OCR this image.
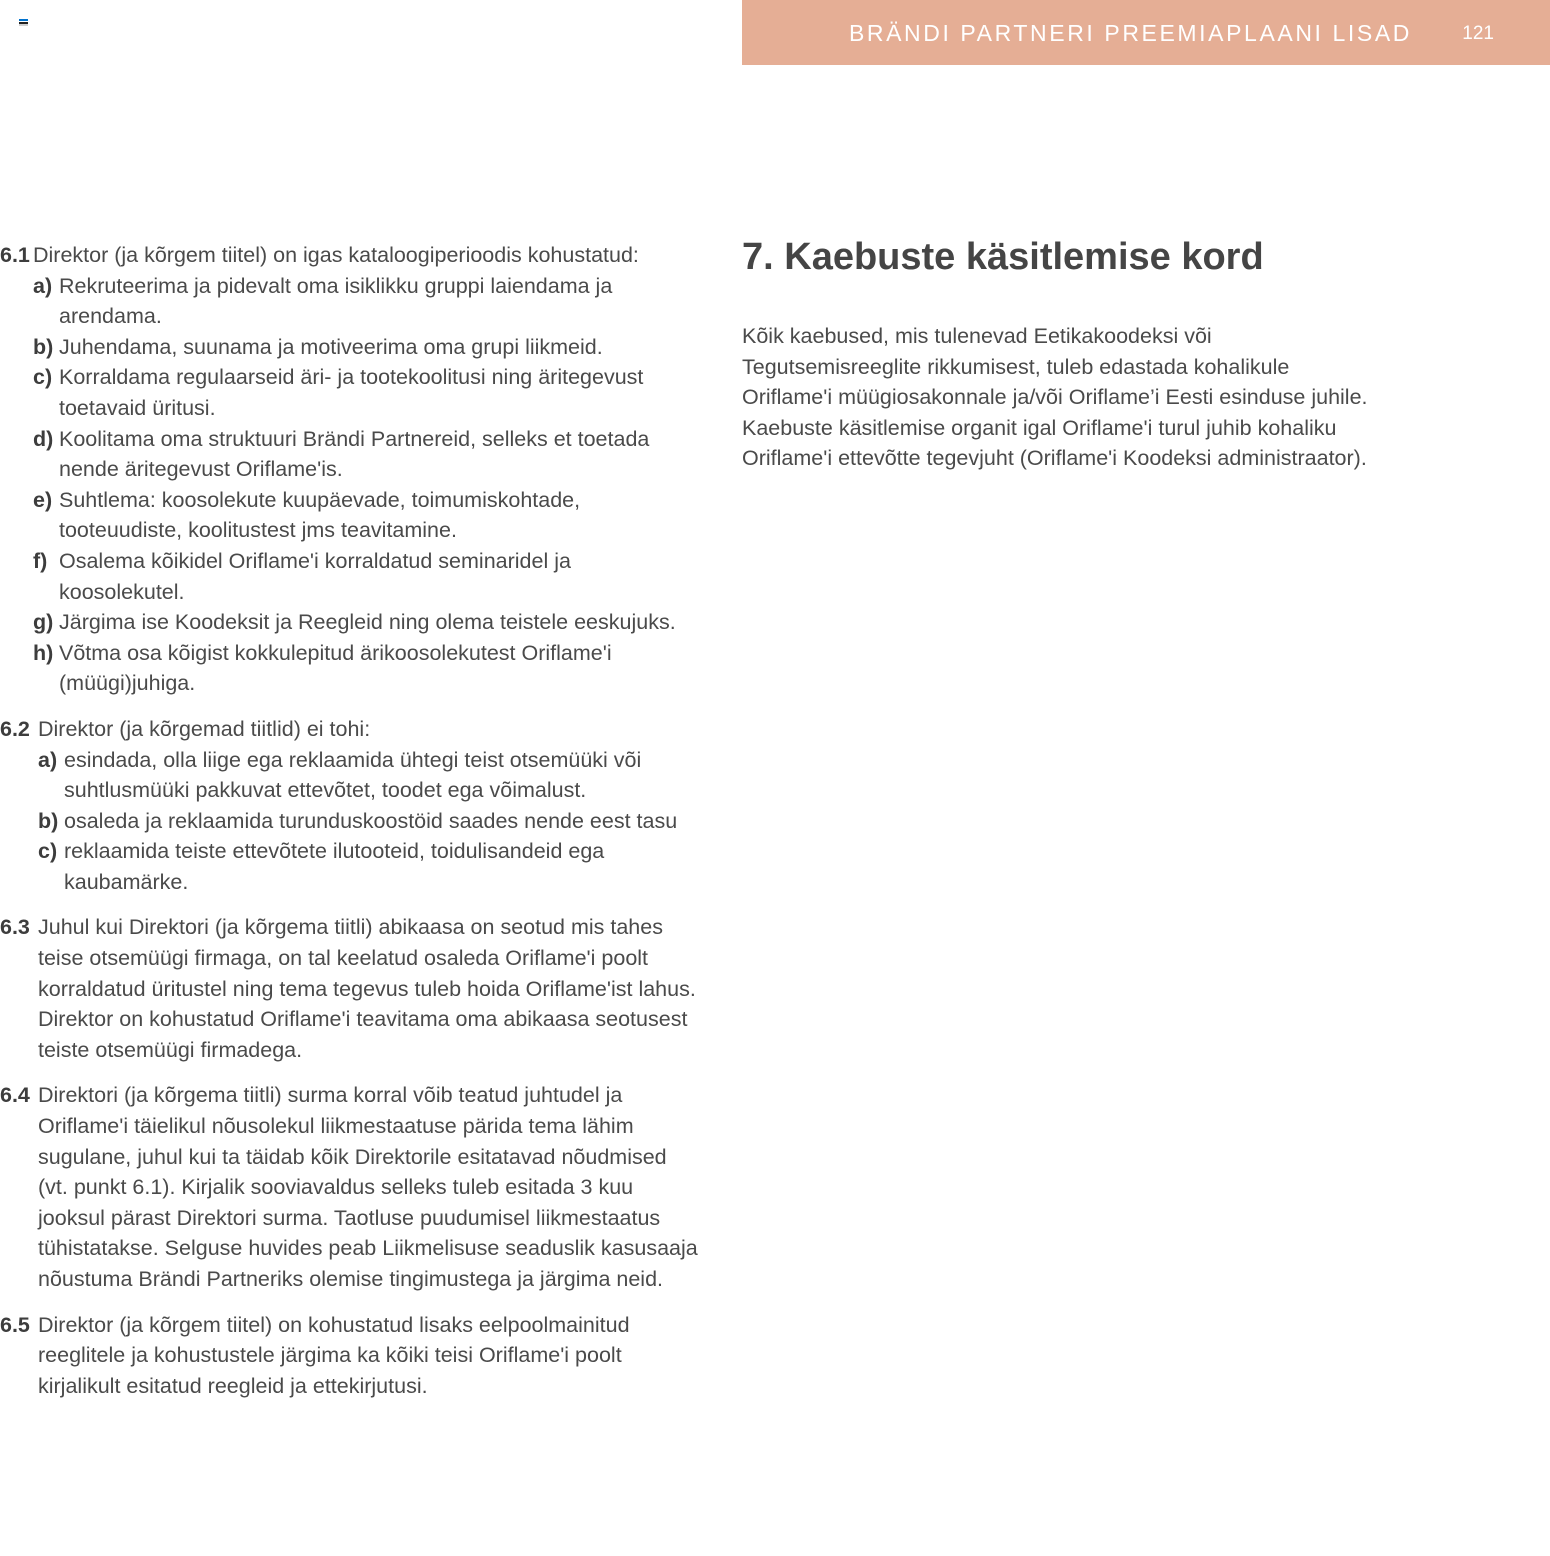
BRÄNDI PARTNERI PREEMIAPLAANI LISAD	121
6.1 Direktor (ja kõrgem tiitel) on igas kataloogiperioodis kohustatud:
a) Rekruteerima ja pidevalt oma isiklikku gruppi laiendama ja arendama.
b) Juhendama, suunama ja motiveerima oma grupi liikmeid.
c) Korraldama regulaarseid äri- ja tootekoolitusi ning äritegevust toetavaid üritusi.
d) Koolitama oma struktuuri Brändi Partnereid, selleks et toetada nende äritegevust Oriflame'is.
e) Suhtlema: koosolekute kuupäevade, toimumiskohtade, tooteuudiste, koolitustest jms teavitamine.
f) Osalema kõikidel Oriflame'i korraldatud seminaridel ja koosolekutel.
g) Järgima ise Koodeksit ja Reegleid ning olema teistele eeskujuks.
h) Võtma osa kõigist kokkulepitud ärikoosolekutest Oriflame'i (müügi)juhiga.
6.2 Direktor (ja kõrgemad tiitlid) ei tohi:
a) esindada, olla liige ega reklaamida ühtegi teist otsemüüki või suhtlusmüüki pakkuvat ettevõtet, toodet ega võimalust.
b) osaleda ja reklaamida turunduskoostöid saades nende eest tasu
c) reklaamida teiste ettevõtete ilutooteid, toidulisandeid ega kaubamärke.
6.3 Juhul kui Direktori (ja kõrgema tiitli) abikaasa on seotud mis tahes teise otsemüügi firmaga, on tal keelatud osaleda Oriflame'i poolt korraldatud üritustel ning tema tegevus tuleb hoida Oriflame'ist lahus. Direktor on kohustatud Oriflame'i teavitama oma abikaasa seotusest teiste otsemüügi firmadega.
6.4 Direktori (ja kõrgema tiitli) surma korral võib teatud juhtudel ja Oriflame'i täielikul nõusolekul liikmestaatuse pärida tema lähim sugulane, juhul kui ta täidab kõik Direktorile esitatavad nõudmised (vt. punkt 6.1). Kirjalik sooviavaldus selleks tuleb esitada 3 kuu jooksul pärast Direktori surma. Taotluse puudumisel liikmestaatus tühistatakse. Selguse huvides peab Liikmelisuse seaduslik kasusaaja nõustuma Brändi Partneriks olemise tingimustega ja järgima neid.
6.5 Direktor (ja kõrgem tiitel) on kohustatud lisaks eelpoolmainitud reeglitele ja kohustustele järgima ka kõiki teisi Oriflame'i poolt kirjalikult esitatud reegleid ja ettekirjutusi.
7. Kaebuste käsitlemise kord

Kõik kaebused, mis tulenevad Eetikakoodeksi või Tegutsemisreeglite rikkumisest, tuleb edastada kohalikule Oriflame'i müügiosakonnale ja/või Oriflame’i Eesti esinduse juhile. Kaebuste käsitlemise organit igal Oriflame'i turul juhib kohaliku Oriflame'i ettevõtte tegevjuht (Oriflame'i Koodeksi administraator).
